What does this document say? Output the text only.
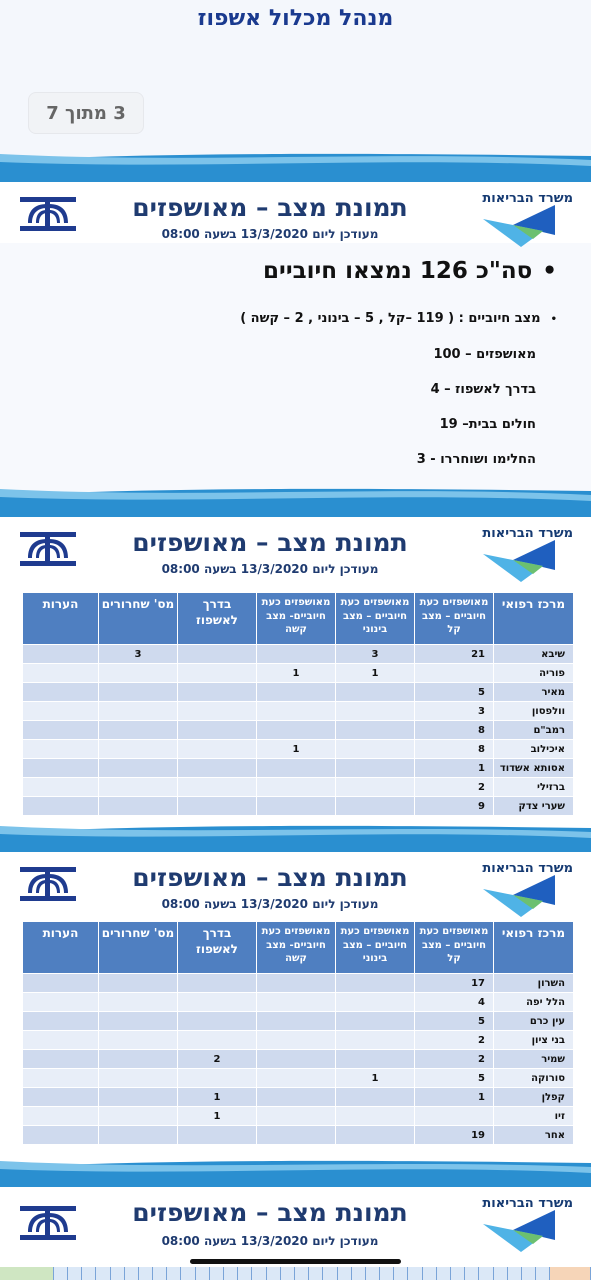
מנהל מכלול אשפוז
3 מתוך 7
משרד הבריאות
תמונת מצב – מאושפזים
מעודכן ליום 13/3/2020 בשעה 08:00
•סה"כ 126 נמצאו חיוביים
•מצב חיוביים : ( 119 –קל , 5 – בינוני , 2 – קשה )
מאושפזים – 100
בדרך לאשפוז – 4
חולים בבית– 19
החלימו ושוחררו - 3
משרד הבריאות
תמונת מצב – מאושפזים
מעודכן ליום 13/3/2020 בשעה 08:00
מרכז רפואי	מאושפזים כעת חיוביים – מצב קל	מאושפזים כעת חיוביים – מצב בינוני	מאושפזים כעת חיוביים- מצב קשה	בדרך לאשפוז	מס' שחרורים	הערות
שיבא	21	3			3	
פוריה		1	1			
מאיר	5					
וולפסון	3					
רמב"ם	8					
איכילוב	8		1			
אסותא אשדוד	1					
ברזילי	2					
שערי צדק	9					
משרד הבריאות
תמונת מצב – מאושפזים
מעודכן ליום 13/3/2020 בשעה 08:00
מרכז רפואי	מאושפזים כעת חיוביים – מצב קל	מאושפזים כעת חיוביים – מצב בינוני	מאושפזים כעת חיוביים- מצב קשה	בדרך לאשפוז	מס' שחרורים	הערות
השרון	17					
הלל יפה	4					
עין כרם	5					
בני ציון	2					
שמיר	2			2		
סורוקה	5	1				
קפלן	1			1		
זיו				1		
אחר	19					
משרד הבריאות
תמונת מצב – מאושפזים
מעודכן ליום 13/3/2020 בשעה 08:00
